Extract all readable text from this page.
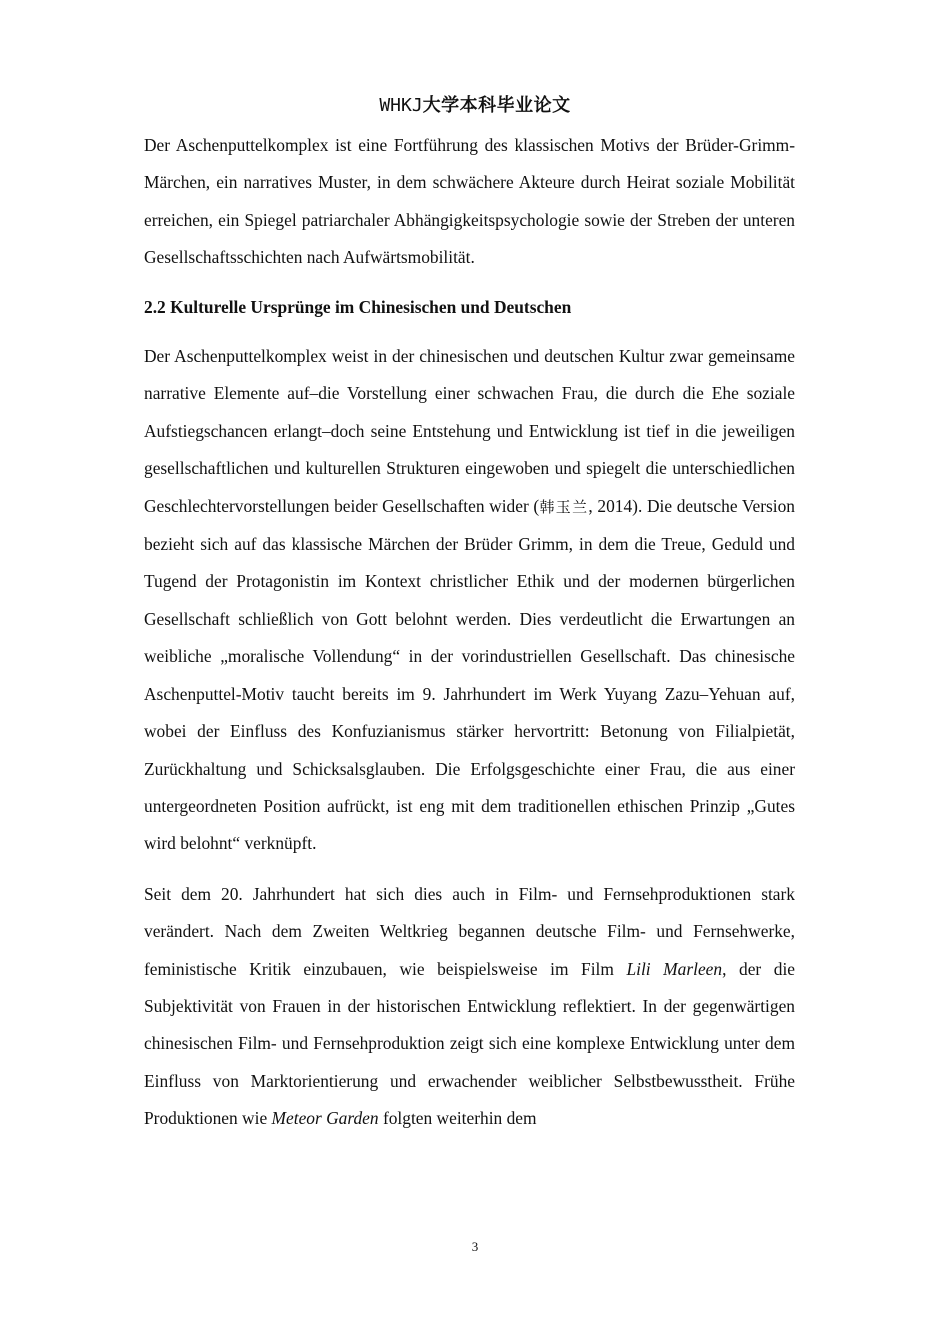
WHKJ大学本科毕业论文

Der Aschenputtelkomplex ist eine Fortführung des klassischen Motivs der Brüder-Grimm-Märchen, ein narratives Muster, in dem schwächere Akteure durch Heirat soziale Mobilität erreichen, ein Spiegel patriarchaler Abhängigkeitspsychologie sowie der Streben der unteren Gesellschaftsschichten nach Aufwärtsmobilität.

2.2 Kulturelle Ursprünge im Chinesischen und Deutschen

Der Aschenputtelkomplex weist in der chinesischen und deutschen Kultur zwar gemeinsame narrative Elemente auf–die Vorstellung einer schwachen Frau, die durch die Ehe soziale Aufstiegschancen erlangt–doch seine Entstehung und Entwicklung ist tief in die jeweiligen gesellschaftlichen und kulturellen Strukturen eingewoben und spiegelt die unterschiedlichen Geschlechtervorstellungen beider Gesellschaften wider (韩玉兰, 2014). Die deutsche Version bezieht sich auf das klassische Märchen der Brüder Grimm, in dem die Treue, Geduld und Tugend der Protagonistin im Kontext christlicher Ethik und der modernen bürgerlichen Gesellschaft schließlich von Gott belohnt werden. Dies verdeutlicht die Erwartungen an weibliche „moralische Vollendung“ in der vorindustriellen Gesellschaft. Das chinesische Aschenputtel-Motiv taucht bereits im 9. Jahrhundert im Werk Yuyang Zazu–Yehuan auf, wobei der Einfluss des Konfuzianismus stärker hervortritt: Betonung von Filialpietät, Zurückhaltung und Schicksalsglauben. Die Erfolgsgeschichte einer Frau, die aus einer untergeordneten Position aufrückt, ist eng mit dem traditionellen ethischen Prinzip „Gutes wird belohnt“ verknüpft.

Seit dem 20. Jahrhundert hat sich dies auch in Film- und Fernsehproduktionen stark verändert. Nach dem Zweiten Weltkrieg begannen deutsche Film- und Fernsehwerke, feministische Kritik einzubauen, wie beispielsweise im Film Lili Marleen, der die Subjektivität von Frauen in der historischen Entwicklung reflektiert. In der gegenwärtigen chinesischen Film- und Fernsehproduktion zeigt sich eine komplexe Entwicklung unter dem Einfluss von Marktorientierung und erwachender weiblicher Selbstbewusstheit. Frühe Produktionen wie Meteor Garden folgten weiterhin dem

3
